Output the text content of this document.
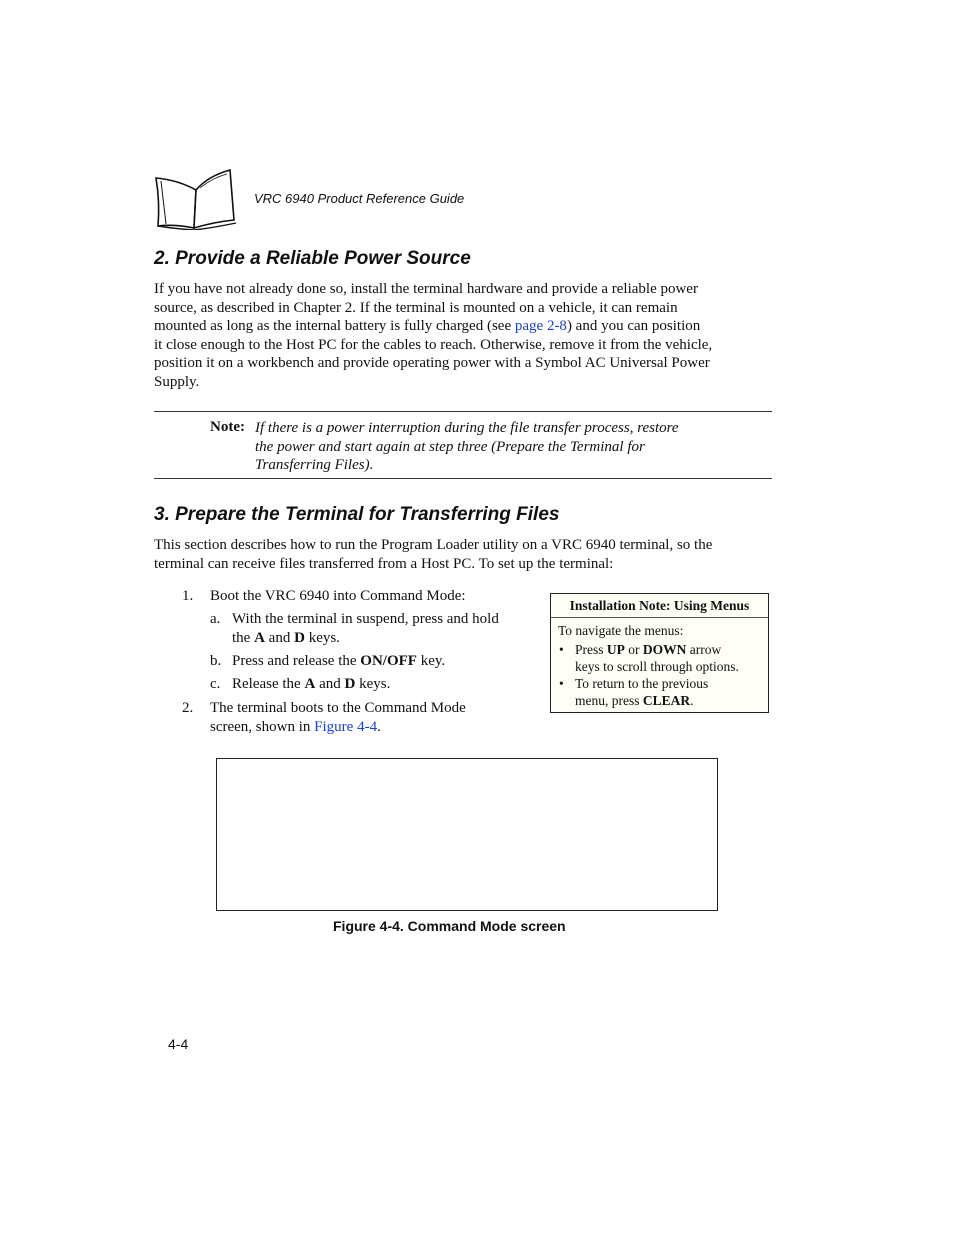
VRC 6940 Product Reference Guide
2. Provide a Reliable Power Source
If you have not already done so, install the terminal hardware and provide a reliable power
source, as described in Chapter 2. If the terminal is mounted on a vehicle, it can remain
mounted as long as the internal battery is fully charged (see page 2-8) and you can position
it close enough to the Host PC for the cables to reach. Otherwise, remove it from the vehicle,
position it on a workbench and provide operating power with a Symbol AC Universal Power
Supply.
Note: If there is a power interruption during the file transfer process, restore
the power and start again at step three (Prepare the Terminal for
Transferring Files).
3. Prepare the Terminal for Transferring Files
This section describes how to run the Program Loader utility on a VRC 6940 terminal, so the
terminal can receive files transferred from a Host PC. To set up the terminal:
1. Boot the VRC 6940 into Command Mode:
a. With the terminal in suspend, press and hold
the A and D keys.
b. Press and release the ON/OFF key.
c. Release the A and D keys.
2. The terminal boots to the Command Mode
screen, shown in Figure 4-4.
Installation Note: Using Menus
To navigate the menus:
• Press UP or DOWN arrow
keys to scroll through options.
• To return to the previous
menu, press CLEAR.
Figure 4-4. Command Mode screen
4-4
